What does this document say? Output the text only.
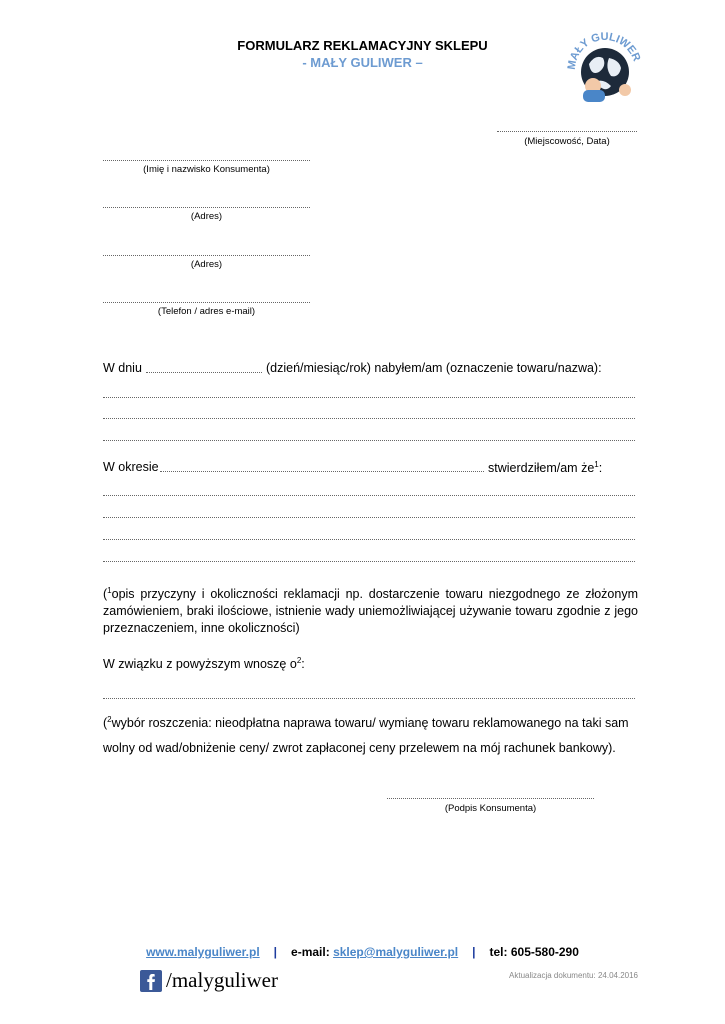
FORMULARZ REKLAMACYJNY SKLEPU
- MAŁY GULIWER –	MAŁY GULIWER
(Miejscowość, Data)
(Imię i nazwisko Konsumenta)
(Adres)
(Adres)
(Telefon / adres e-mail)
W dniu	(dzień/miesiąc/rok) nabyłem/am (oznaczenie towaru/nazwa):
W okresie	stwierdziłem/am $że^1$:
($^1$opis przyczyny i okoliczności reklamacji np. dostarczenie towaru niezgodnego ze złożonym zamówieniem, braki ilościowe, istnienie wady uniemożliwiającej używanie towaru zgodnie z jego przeznaczeniem, inne okoliczności)
W związku z powyższym wnoszę $o^2$:
($^2$wybór roszczenia: nieodpłatna naprawa towaru/ wymianę towaru reklamowanego na taki sam wolny od wad/obniżenie ceny/ zwrot zapłaconej ceny przelewem na mój rachunek bankowy).
(Podpis Konsumenta)
www.malyguliwer.pl | e-mail: sklep@malyguliwer.pl | tel: 605-580-290
/malyguliwer	Aktualizacja dokumentu: 24.04.2016
